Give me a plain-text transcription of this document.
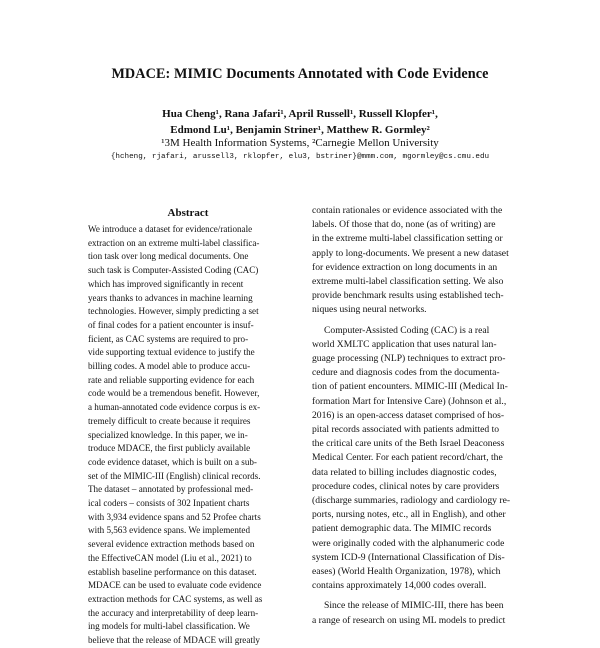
MDACE: MIMIC Documents Annotated with Code Evidence
Hua Cheng¹, Rana Jafari¹, April Russell¹, Russell Klopfer¹,
Edmond Lu¹, Benjamin Striner¹, Matthew R. Gormley²
¹3M Health Information Systems, ²Carnegie Mellon University
{hcheng, rjafari, arussell3, rklopfer, elu3, bstriner}@mmm.com, mgormley@cs.cmu.edu
Abstract
We introduce a dataset for evidence/rationale
extraction on an extreme multi-label classifica-
tion task over long medical documents. One
such task is Computer-Assisted Coding (CAC)
which has improved significantly in recent
years thanks to advances in machine learning
technologies. However, simply predicting a set
of final codes for a patient encounter is insuf-
ficient, as CAC systems are required to pro-
vide supporting textual evidence to justify the
billing codes. A model able to produce accu-
rate and reliable supporting evidence for each
code would be a tremendous benefit. However,
a human-annotated code evidence corpus is ex-
tremely difficult to create because it requires
specialized knowledge. In this paper, we in-
troduce MDACE, the first publicly available
code evidence dataset, which is built on a sub-
set of the MIMIC-III (English) clinical records.
The dataset – annotated by professional med-
ical coders – consists of 302 Inpatient charts
with 3,934 evidence spans and 52 Profee charts
with 5,563 evidence spans. We implemented
several evidence extraction methods based on
the EffectiveCAN model (Liu et al., 2021) to
establish baseline performance on this dataset.
MDACE can be used to evaluate code evidence
extraction methods for CAC systems, as well as
the accuracy and interpretability of deep learn-
ing models for multi-label classification. We
believe that the release of MDACE will greatly
contain rationales or evidence associated with the
labels. Of those that do, none (as of writing) are
in the extreme multi-label classification setting or
apply to long-documents. We present a new dataset
for evidence extraction on long documents in an
extreme multi-label classification setting. We also
provide benchmark results using established tech-
niques using neural networks.
Computer-Assisted Coding (CAC) is a real
world XMLTC application that uses natural lan-
guage processing (NLP) techniques to extract pro-
cedure and diagnosis codes from the documenta-
tion of patient encounters. MIMIC-III (Medical In-
formation Mart for Intensive Care) (Johnson et al.,
2016) is an open-access dataset comprised of hos-
pital records associated with patients admitted to
the critical care units of the Beth Israel Deaconess
Medical Center. For each patient record/chart, the
data related to billing includes diagnostic codes,
procedure codes, clinical notes by care providers
(discharge summaries, radiology and cardiology re-
ports, nursing notes, etc., all in English), and other
patient demographic data. The MIMIC records
were originally coded with the alphanumeric code
system ICD-9 (International Classification of Dis-
eases) (World Health Organization, 1978), which
contains approximately 14,000 codes overall.
Since the release of MIMIC-III, there has been
a range of research on using ML models to predict
